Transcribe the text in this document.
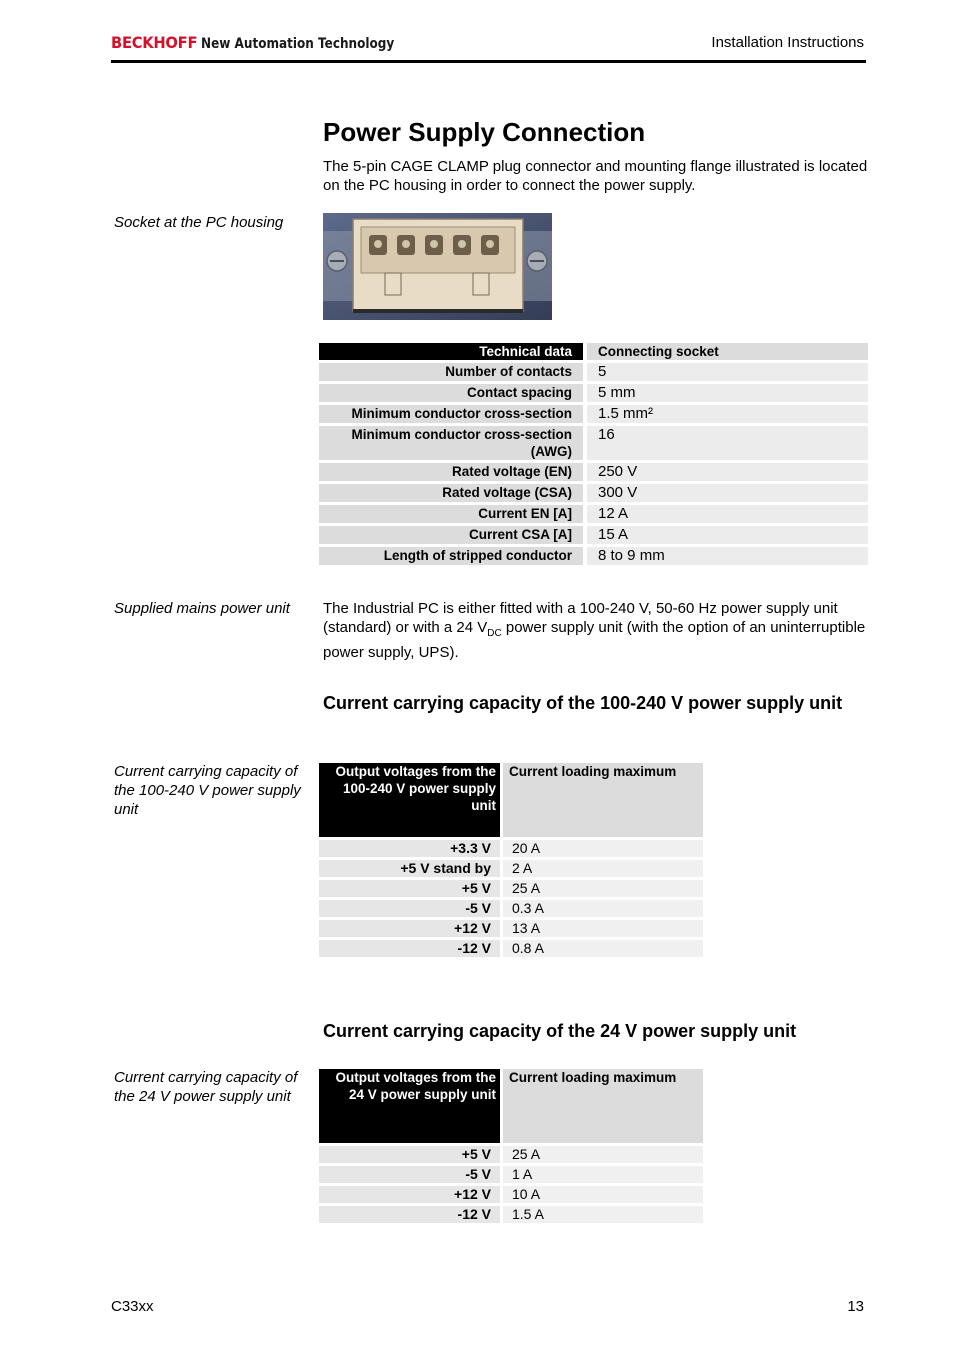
BECKHOFF New Automation Technology	Installation Instructions
Power Supply Connection
The 5-pin CAGE CLAMP plug connector and mounting flange illustrated is located on the PC housing in order to connect the power supply.
Socket at the PC housing
Technical data	Connecting socket
Number of contacts	5
Contact spacing	5 mm
Minimum conductor cross-section	1.5 mm²
Minimum conductor cross-section (AWG)	16
Rated voltage (EN)	250 V
Rated voltage (CSA)	300 V
Current EN [A]	12 A
Current CSA [A]	15 A
Length of stripped conductor	8 to 9 mm
Supplied mains power unit	The Industrial PC is either fitted with a 100-240 V, 50-60 Hz power supply unit (standard) or with a 24 $V_{DC}$ power supply unit (with the option of an uninterruptible power supply, UPS).
Current carrying capacity of the 100-240 V power supply unit
Current carrying capacity of the 100-240 V power supply unit
Output voltages from the 100-240 V power supply unit	Current loading maximum
+3.3 V	20 A
+5 V stand by	2 A
+5 V	25 A
-5 V	0.3 A
+12 V	13 A
-12 V	0.8 A
Current carrying capacity of the 24 V power supply unit
Current carrying capacity of the 24 V power supply unit
Output voltages from the 24 V power supply unit	Current loading maximum
+5 V	25 A
-5 V	1 A
+12 V	10 A
-12 V	1.5 A
C33xx	13
